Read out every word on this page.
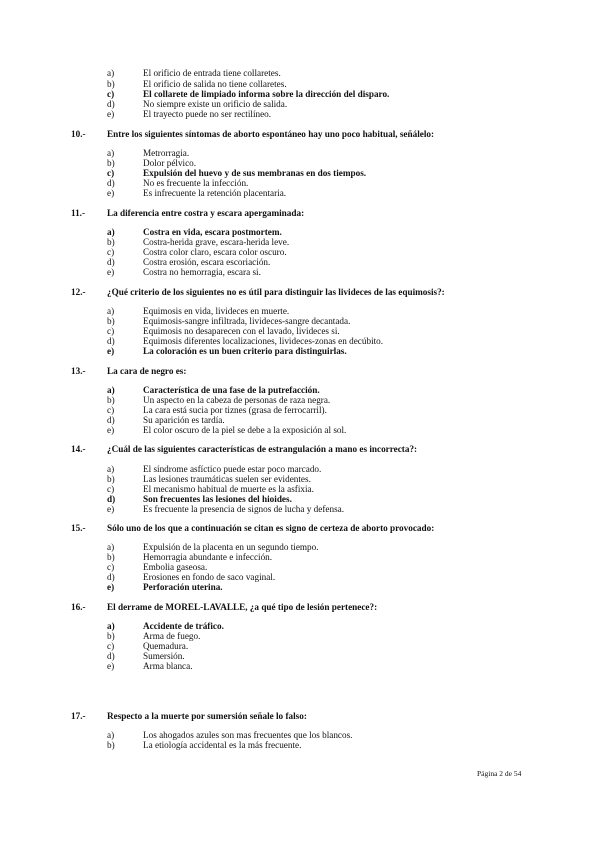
a)	El orificio de entrada tiene collaretes.
b)	El orificio de salida no tiene collaretes.
c)	El collarete de limpiado informa sobre la dirección del disparo.
d)	No siempre existe un orificio de salida.
e)	El trayecto puede no ser rectilíneo.
10.- Entre los siguientes síntomas de aborto espontáneo hay uno poco habitual, señálelo:
a)	Metrorragia.
b)	Dolor pélvico.
c)	Expulsión del huevo y de sus membranas en dos tiempos.
d)	No es frecuente la infección.
e)	Es infrecuente la retención placentaria.
11.- La diferencia entre costra y escara apergaminada:
a)	Costra en vida, escara postmortem.
b)	Costra-herida grave, escara-herida leve.
c)	Costra color claro, escara color oscuro.
d)	Costra erosión, escara escoriación.
e)	Costra no hemorragia, escara si.
12.- ¿Qué criterio de los siguientes no es útil para distinguir las livideces de las equimosis?:
a)	Equimosis en vida, livideces en muerte.
b)	Equimosis-sangre infiltrada, livideces-sangre decantada.
c)	Equimosis no desaparecen con el lavado, livideces si.
d)	Equimosis diferentes localizaciones, livideces-zonas en decúbito.
e)	La coloración es un buen criterio para distinguirlas.
13.- La cara de negro es:
a)	Característica de una fase de la putrefacción.
b)	Un aspecto en la cabeza de personas de raza negra.
c)	La cara está sucia por tiznes (grasa de ferrocarril).
d)	Su aparición es tardía.
e)	El color oscuro de la piel se debe a la exposición al sol.
14.- ¿Cuál de las siguientes características de estrangulación a mano es incorrecta?:
a)	El síndrome asfíctico puede estar poco marcado.
b)	Las lesiones traumáticas suelen ser evidentes.
c)	El mecanismo habitual de muerte es la asfixia.
d)	Son frecuentes las lesiones del hioides.
e)	Es frecuente la presencia de signos de lucha y defensa.
15.- Sólo uno de los que a continuación se citan es signo de certeza de aborto provocado:
a)	Expulsión de la placenta en un segundo tiempo.
b)	Hemorragia abundante e infección.
c)	Embolia gaseosa.
d)	Erosiones en fondo de saco vaginal.
e)	Perforación uterina.
16.- El derrame de MOREL-LAVALLE, ¿a qué tipo de lesión pertenece?:
a)	Accidente de tráfico.
b)	Arma de fuego.
c)	Quemadura.
d)	Sumersión.
e)	Arma blanca.
17.- Respecto a la muerte por sumersión señale lo falso:
a)	Los ahogados azules son mas frecuentes que los blancos.
b)	La etiología accidental es la más frecuente.
Página 2 de 54
